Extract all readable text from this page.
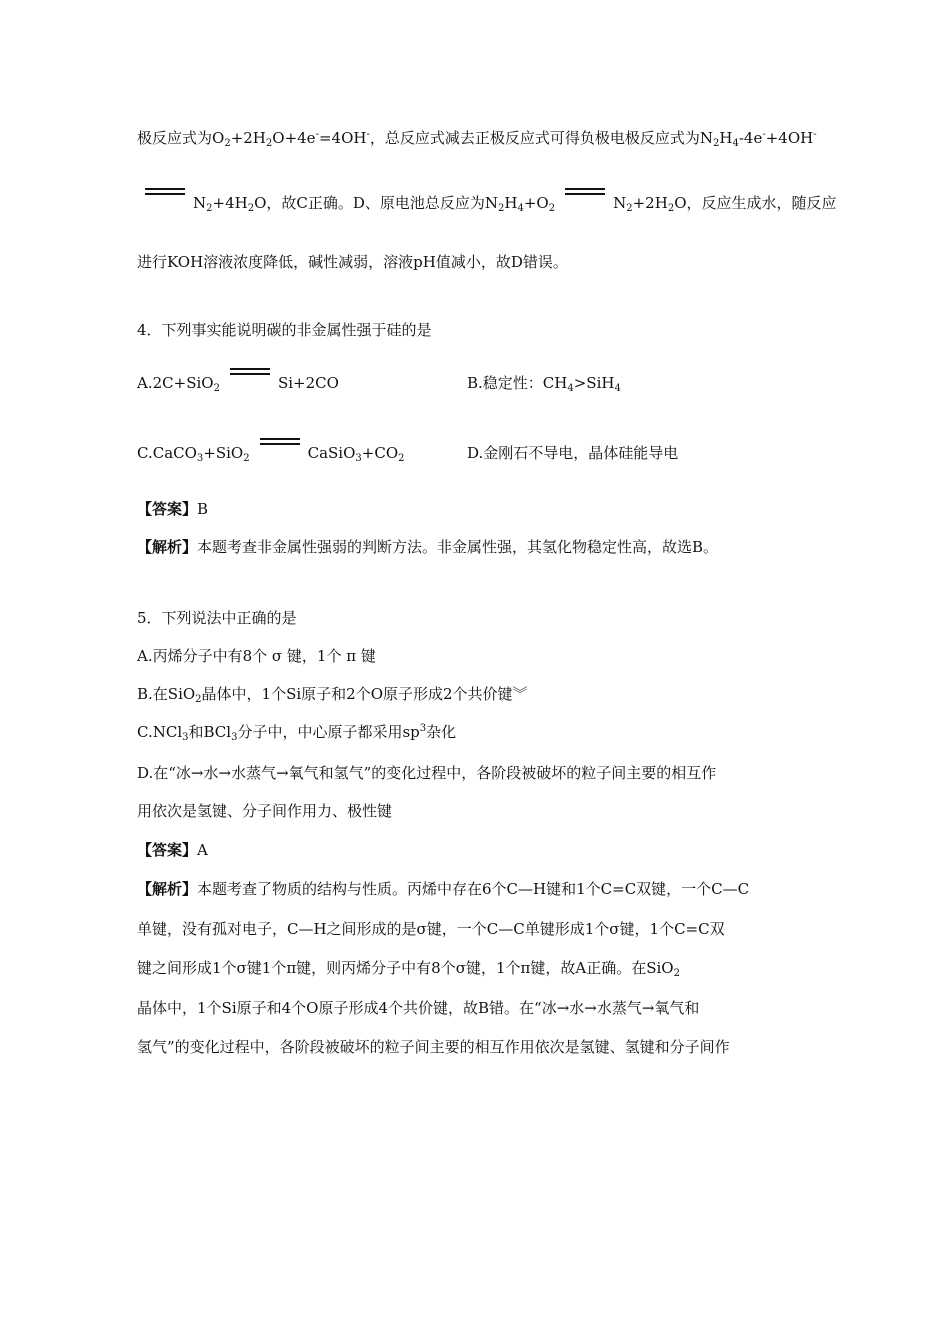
极反应式为$O_2+2H_2O+4e^-=4OH^-$，总反应式减去正极反应式可得负极电极反应式为$N_2H_4-4e^-+4OH^-$
$N_2+4H_2O$，故C正确。D、原电池总反应为$N_2H_4+O_2$	$N_2+2H_2O$，反应生成水，随反应
进行KOH溶液浓度降低，碱性减弱，溶液pH值减小，故D错误。
4．下列事实能说明碳的非金属性强于硅的是
A.2C+SiO$_2$	Si+2CO	B.稳定性：$CH_4>SiH_4$
C.CaCO$_3$+SiO$_2$	$CaSiO_3+CO_2$	D.金刚石不导电，晶体硅能导电
【答案】B
【解析】本题考查非金属性强弱的判断方法。非金属性强，其氢化物稳定性高，故选B。
5．下列说法中正确的是
A.丙烯分子中有8个 σ 键，1个 π 键
B.在SiO$_2$晶体中，1个Si原子和2个O原子形成2个共价键︾
C.NCl$_3$和BCl$_3$分子中，中心原子都采用$sp^3$杂化
D.在“冰→水→水蒸气→氧气和氢气”的变化过程中，各阶段被破坏的粒子间主要的相互作
用依次是氢键、分子间作用力、极性键
【答案】A
【解析】本题考查了物质的结构与性质。丙烯中存在6个C—H键和1个C=C双键，一个C—C
单键，没有孤对电子，C—H之间形成的是σ键，一个C—C单键形成1个σ键，1个C=C双
键之间形成1个σ键1个π键，则丙烯分子中有8个σ键，1个π键，故A正确。在SiO$_2$
晶体中，1个Si原子和4个O原子形成4个共价键，故B错。在“冰→水→水蒸气→氧气和
氢气”的变化过程中，各阶段被破坏的粒子间主要的相互作用依次是氢键、氢键和分子间作
